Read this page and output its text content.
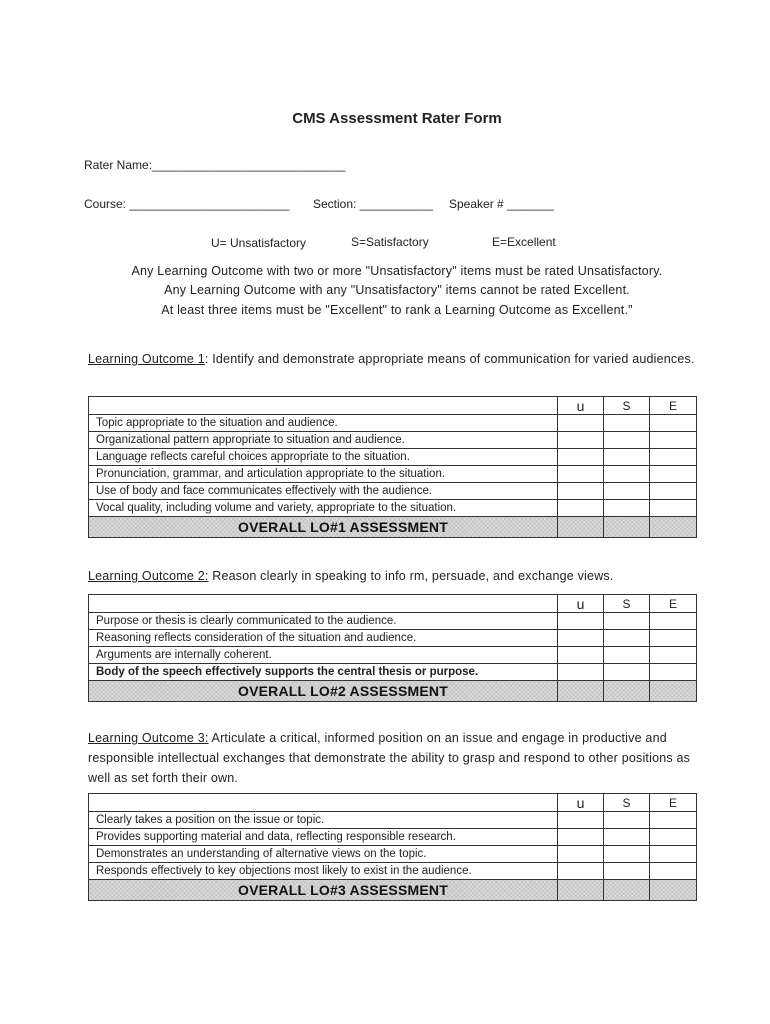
CMS Assessment Rater Form
Rater Name:_____________________________
Course: ________________________ Section: ___________ Speaker # _______
U= Unsatisfactory	S=Satisfactory	E=Excellent
Any Learning Outcome with two or more "Unsatisfactory" items must be rated Unsatisfactory.
Any Learning Outcome with any "Unsatisfactory" items cannot be rated Excellent.
At least three items must be "Excellent" to rank a Learning Outcome as Excellent."
Learning Outcome 1: Identify and demonstrate appropriate means of communication for varied audiences.
	u	S	E
Topic appropriate to the situation and audience.			
Organizational pattern appropriate to situation and audience.			
Language reflects careful choices appropriate to the situation.			
Pronunciation, grammar, and articulation appropriate to the situation.			
Use of body and face communicates effectively with the audience.			
Vocal quality, including volume and variety, appropriate to the situation.			
OVERALL LO#1 ASSESSMENT			
Learning Outcome 2: Reason clearly in speaking to info rm, persuade, and exchange views.
	u	S	E
Purpose or thesis is clearly communicated to the audience.			
Reasoning reflects consideration of the situation and audience.			
Arguments are internally coherent.			
Body of the speech effectively supports the central thesis or purpose.			
OVERALL LO#2 ASSESSMENT			
Learning Outcome 3: Articulate a critical, informed position on an issue and engage in productive and responsible intellectual exchanges that demonstrate the ability to grasp and respond to other positions as well as set forth their own.
	u	S	E
Clearly takes a position on the issue or topic.			
Provides supporting material and data, reflecting responsible research.			
Demonstrates an understanding of alternative views on the topic.			
Responds effectively to key objections most likely to exist in the audience.			
OVERALL LO#3 ASSESSMENT			
